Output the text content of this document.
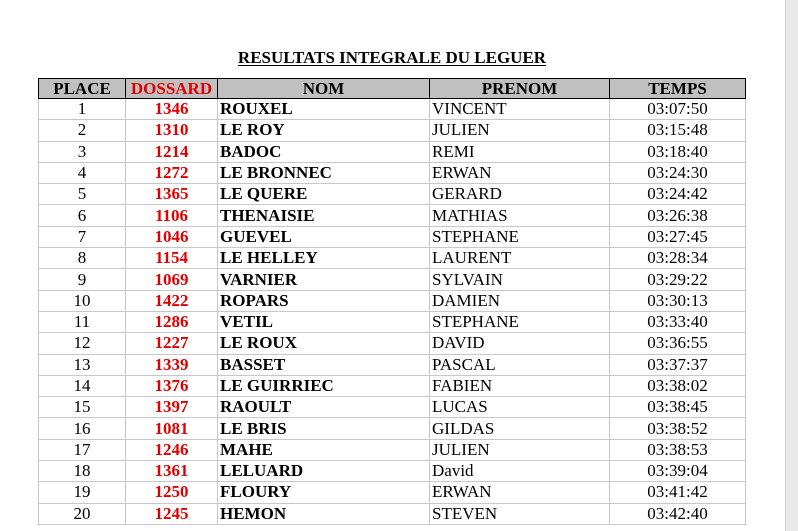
RESULTATS INTEGRALE DU LEGUER
PLACE	DOSSARD	NOM	PRENOM	TEMPS
1	1346	ROUXEL	VINCENT	03:07:50
2	1310	LE ROY	JULIEN	03:15:48
3	1214	BADOC	REMI	03:18:40
4	1272	LE BRONNEC	ERWAN	03:24:30
5	1365	LE QUERE	GERARD	03:24:42
6	1106	THENAISIE	MATHIAS	03:26:38
7	1046	GUEVEL	STEPHANE	03:27:45
8	1154	LE HELLEY	LAURENT	03:28:34
9	1069	VARNIER	SYLVAIN	03:29:22
10	1422	ROPARS	DAMIEN	03:30:13
11	1286	VETIL	STEPHANE	03:33:40
12	1227	LE ROUX	DAVID	03:36:55
13	1339	BASSET	PASCAL	03:37:37
14	1376	LE GUIRRIEC	FABIEN	03:38:02
15	1397	RAOULT	LUCAS	03:38:45
16	1081	LE BRIS	GILDAS	03:38:52
17	1246	MAHE	JULIEN	03:38:53
18	1361	LELUARD	David	03:39:04
19	1250	FLOURY	ERWAN	03:41:42
20	1245	HEMON	STEVEN	03:42:40
